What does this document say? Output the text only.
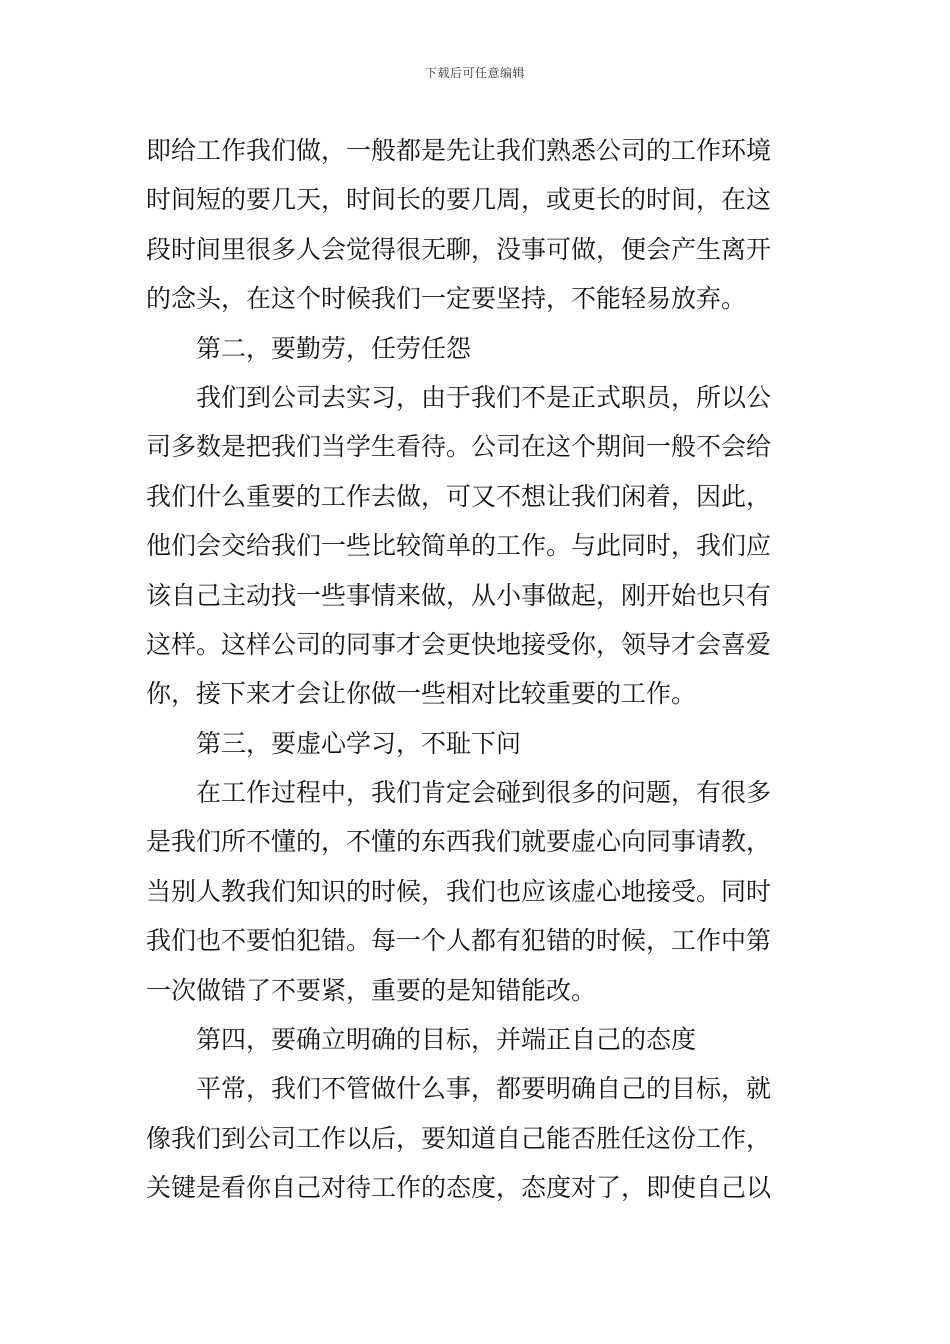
下载后可任意编辑
即给工作我们做，一般都是先让我们熟悉公司的工作环境
时间短的要几天，时间长的要几周，或更长的时间，在这
段时间里很多人会觉得很无聊，没事可做，便会产生离开
的念头，在这个时候我们一定要坚持，不能轻易放弃。
第二，要勤劳，任劳任怨
我们到公司去实习，由于我们不是正式职员，所以公
司多数是把我们当学生看待。公司在这个期间一般不会给
我们什么重要的工作去做，可又不想让我们闲着，因此，
他们会交给我们一些比较简单的工作。与此同时，我们应
该自己主动找一些事情来做，从小事做起，刚开始也只有
这样。这样公司的同事才会更快地接受你，领导才会喜爱
你，接下来才会让你做一些相对比较重要的工作。
第三，要虚心学习，不耻下问
在工作过程中，我们肯定会碰到很多的问题，有很多
是我们所不懂的，不懂的东西我们就要虚心向同事请教，
当别人教我们知识的时候，我们也应该虚心地接受。同时
我们也不要怕犯错。每一个人都有犯错的时候，工作中第
一次做错了不要紧，重要的是知错能改。
第四，要确立明确的目标，并端正自己的态度
平常，我们不管做什么事，都要明确自己的目标，就
像我们到公司工作以后，要知道自己能否胜任这份工作，
关键是看你自己对待工作的态度，态度对了，即使自己以
